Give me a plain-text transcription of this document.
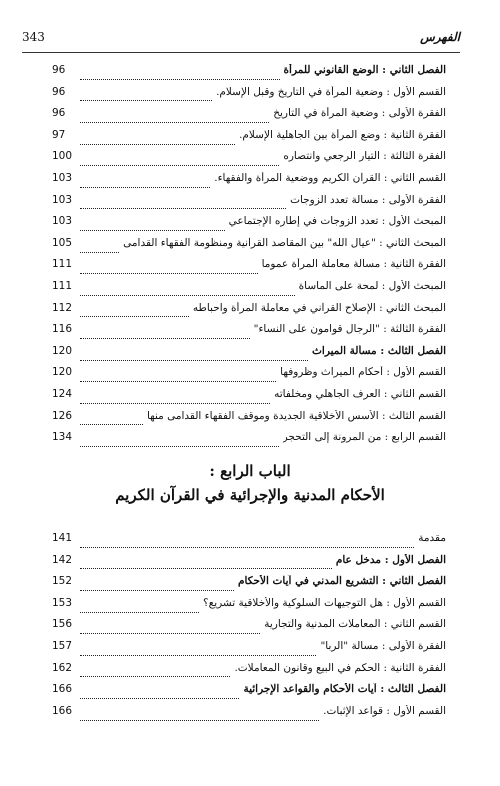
343	الفهرس
الفصل الثاني : الوضع القانوني للمرأة
96
القسم الأول : وضعية المرأة في التاريخ وقبل الإسلام.
96
الفقرة الأولى : وضعية المرأة في التاريخ
96
الفقرة الثانية : وضع المرأة بين الجاهلية الإسلام.
97
الفقرة الثالثة : التيار الرجعي وانتصاره
100
القسم الثاني : القرآن الكريم ووضعية المرأة والفقهاء.
103
الفقرة الأولى : مسألة تعدد الزوجات
103
المبحث الأول : تعدد الزوجات في إطاره الإجتماعي
103
المبحث الثاني : "عيال الله" بين المقاصد القرآنية ومنظومة الفقهاء القدامى
105
الفقرة الثانية : مسألة معاملة المرأة عموما
111
المبحث الأول : لمحة على المأساة
111
المبحث الثاني : الإصلاح القرآني في معاملة المرأة واحباطه
112
الفقرة الثالثة : "الرجال قوامون على النساء"
116
الفصل الثالث : مسألة الميراث
120
القسم الأول : أحكام الميراث وظروفها
120
القسم الثاني : العرف الجاهلي ومخلفاته
124
القسم الثالث : الأسس الأخلاقية الجديدة وموقف الفقهاء القدامى منها
126
القسم الرابع : من المرونة إلى التحجر
134
الباب الرابع :
الأحكام المدنية والإجرائية في القرآن الكريم
مقدمة
141
الفصل الأول : مدخل عام
142
الفصل الثاني : التشريع المدني في آيات الأحكام
152
القسم الأول : هل التوجيهات السلوكية والأخلاقية تشريع؟
153
القسم الثاني : المعاملات المدنية والتجارية
156
الفقرة الأولى : مسألة "الربا"
157
الفقرة الثانية : الحكم في البيع وقانون المعاملات.
162
الفصل الثالث : آيات الأحكام والقواعد الإجرائية
166
القسم الأول : قواعد الإثبات.
166
